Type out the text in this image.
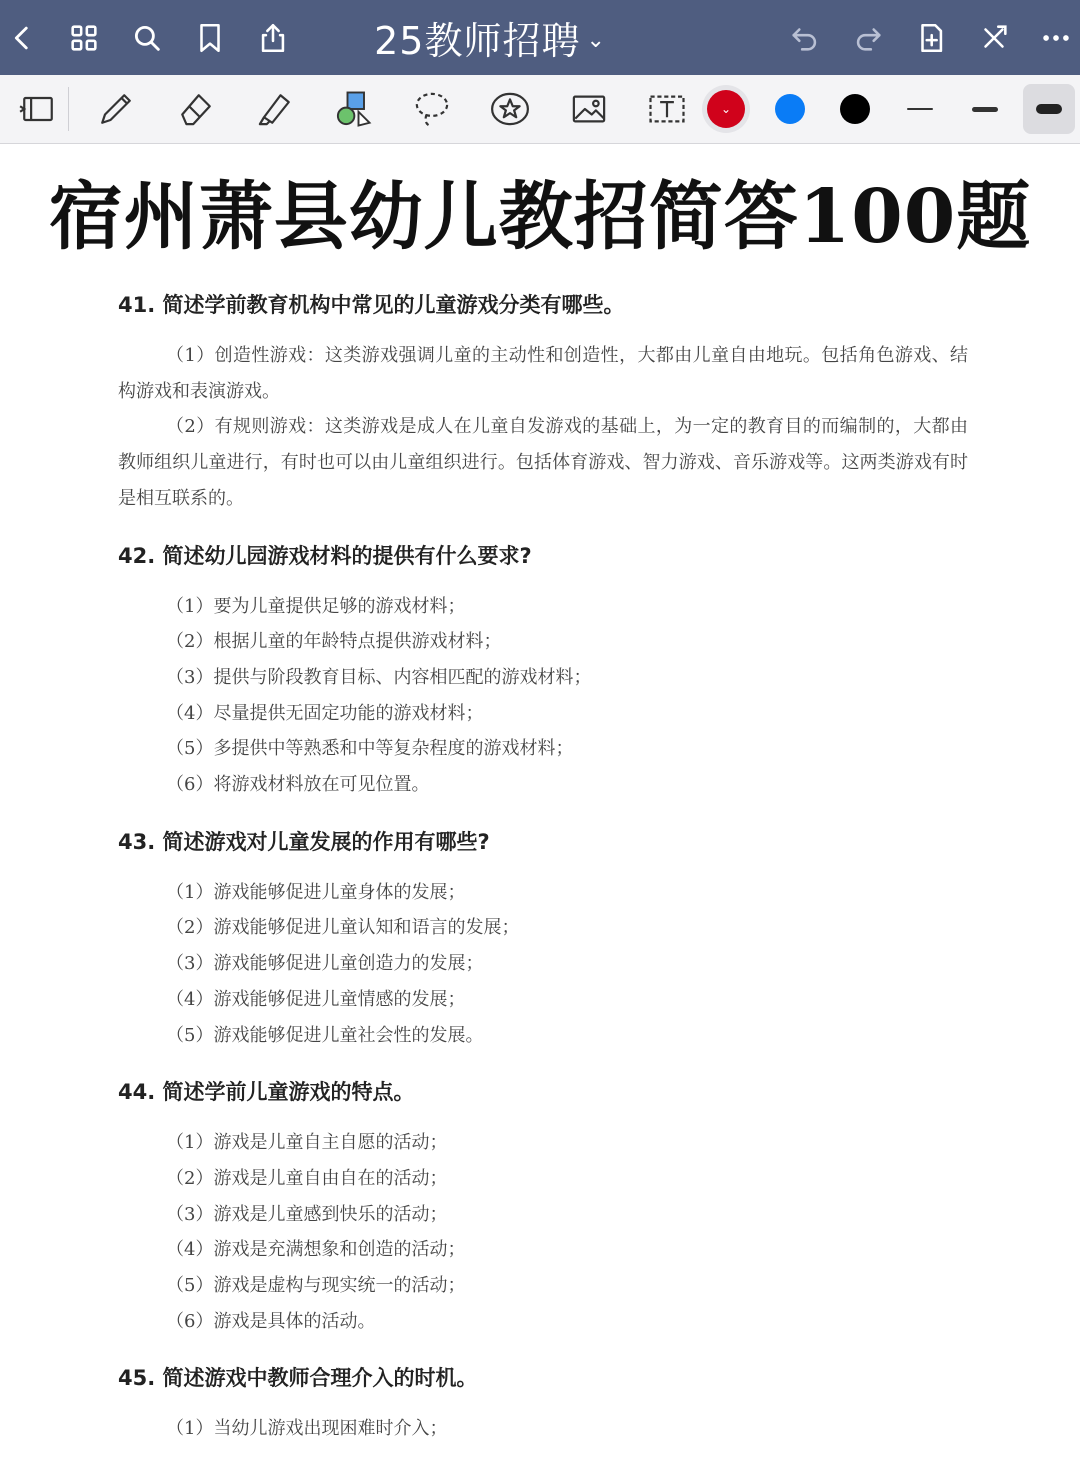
25教师招聘 ⌄
⌄
宿州萧县幼儿教招简答100题

41. 简述学前教育机构中常见的儿童游戏分类有哪些。

（1）创造性游戏：这类游戏强调儿童的主动性和创造性，大都由儿童自由地玩。包括角色游戏、结构游戏和表演游戏。

（2）有规则游戏：这类游戏是成人在儿童自发游戏的基础上，为一定的教育目的而编制的，大都由教师组织儿童进行，有时也可以由儿童组织进行。包括体育游戏、智力游戏、音乐游戏等。这两类游戏有时是相互联系的。

42. 简述幼儿园游戏材料的提供有什么要求?

（1）要为儿童提供足够的游戏材料；

（2）根据儿童的年龄特点提供游戏材料；

（3）提供与阶段教育目标、内容相匹配的游戏材料；

（4）尽量提供无固定功能的游戏材料；

（5）多提供中等熟悉和中等复杂程度的游戏材料；

（6）将游戏材料放在可见位置。

43. 简述游戏对儿童发展的作用有哪些?

（1）游戏能够促进儿童身体的发展；

（2）游戏能够促进儿童认知和语言的发展；

（3）游戏能够促进儿童创造力的发展；

（4）游戏能够促进儿童情感的发展；

（5）游戏能够促进儿童社会性的发展。

44. 简述学前儿童游戏的特点。

（1）游戏是儿童自主自愿的活动；

（2）游戏是儿童自由自在的活动；

（3）游戏是儿童感到快乐的活动；

（4）游戏是充满想象和创造的活动；

（5）游戏是虚构与现实统一的活动；

（6）游戏是具体的活动。

45. 简述游戏中教师合理介入的时机。

（1）当幼儿游戏出现困难时介入；
